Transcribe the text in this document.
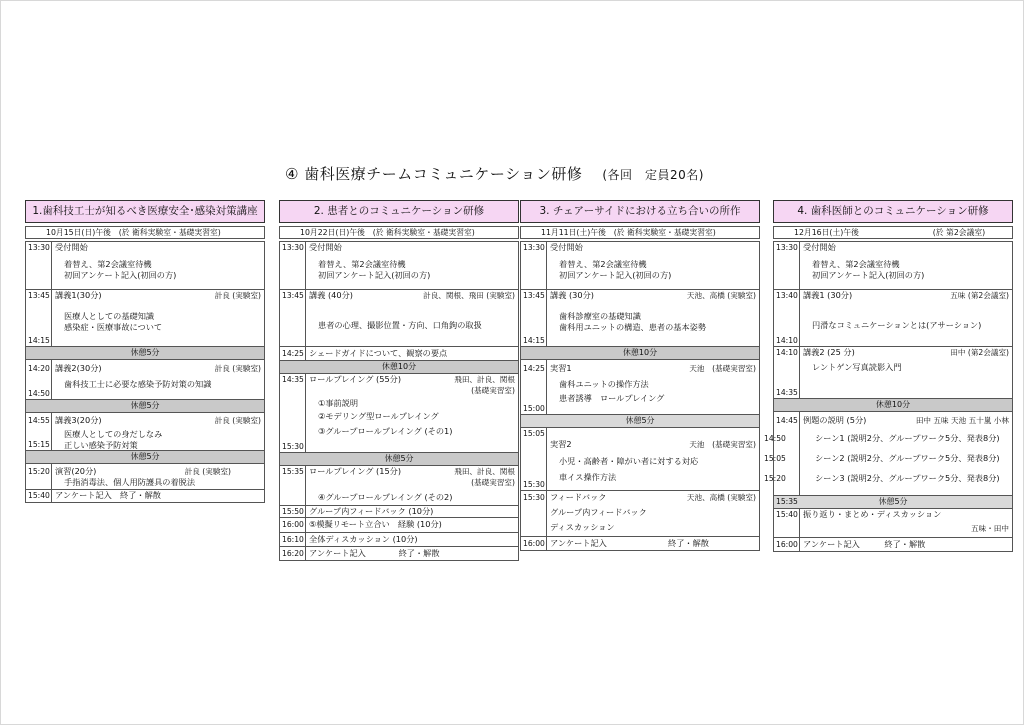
④ 歯科医療チームコミュニケーション研修 (各回　定員20名)
1.歯科技工士が知るべき医療安全･感染対策講座
10月15日(日)午後　 (於 衛科実験室・基礎実習室)
13:30 受付開始
着替え、第2会議室待機
初回アンケート記入(初回の方)
13:45 講義1(30分)	計良 (実験室)
医療人としての基礎知識
感染症・医療事故について
14:15
休憩5分
14:20 講義2(30分)	計良 (実験室)
歯科技工士に必要な感染予防対策の知識
14:50
休憩5分
14:55 講義3(20分)	計良 (実験室)
医療人としての身だしなみ
正しい感染予防対策
15:15
休憩5分
15:20 演習(20分)	計良 (実験室)
手指消毒法、個人用防護具の着脱法
15:40 アンケート記入　終了・解散
2. 患者とのコミュニケーション研修
10月22日(日)午後　 (於 衛科実験室・基礎実習室)
13:30 受付開始
着替え、第2会議室待機
初回アンケート記入(初回の方)
13:45 講義 (40分)	計良、関根、飛田 (実験室)
患者の心理、撮影位置・方向、口角鉤の取扱
14:25 シェードガイドについて、観察の要点
休憩10分
14:35 ロールプレイング (55分)	飛田、計良、関根
(基礎実習室)
①事前説明
②モデリング型ロールプレイング
③グループロールプレイング (その1)
15:30
休憩5分
15:35 ロールプレイング (15分)	飛田、計良、関根
(基礎実習室)
④グループロールプレイング (その2)
15:50 グループ内フィードバック (10分)
16:00 ⑤模擬リモート立合い　経験 (10分)
16:10 全体ディスカッション (10分)
16:20 アンケート記入　　　　終了・解散
3. チェアーサイドにおける立ち合いの所作
11月11日(土)午後　 (於 衛科実験室・基礎実習室)
13:30 受付開始
着替え、第2会議室待機
初回アンケート記入(初回の方)
13:45 講義 (30分)	天池、高橋 (実験室)
歯科診療室の基礎知識
歯科用ユニットの構造、患者の基本姿勢
14:15
休憩10分
14:25 実習1	天池　(基礎実習室)
歯科ユニットの操作方法
患者誘導　ロールプレイング
15:00
休憩5分
15:05
実習2	天池　(基礎実習室)
小児・高齢者・障がい者に対する対応
車イス操作方法
15:30
15:30 フィードバック	天池、高橋 (実験室)
グループ内フィードバック
ディスカッション
16:00 アンケート記入	終了・解散
4. 歯科医師とのコミュニケーション研修
12月16日(土)午後　	(於 第2会議室)
13:30 受付開始
着替え、第2会議室待機
初回アンケート記入(初回の方)
13:40 講義1 (30分)	五味 (第2会議室)
円滑なコミュニケーションとは(アサーション)
14:10
14:10 講義2 (25 分)	田中 (第2会議室)
レントゲン写真読影入門
14:35
休憩10分
14:45 例題の説明 (5分)	田中 五味 天池 五十嵐 小林
14:50	シーン1 (説明2分、グループワーク5分、発表8分)
15:05	シーン2 (説明2分、グループワーク5分、発表8分)
15:20	シーン3 (説明2分、グループワーク5分、発表8分)
15:35	休憩5分
15:40 振り返り・まとめ・ディスカッション
五味・田中
16:00 アンケート記入　　　終了・解散
